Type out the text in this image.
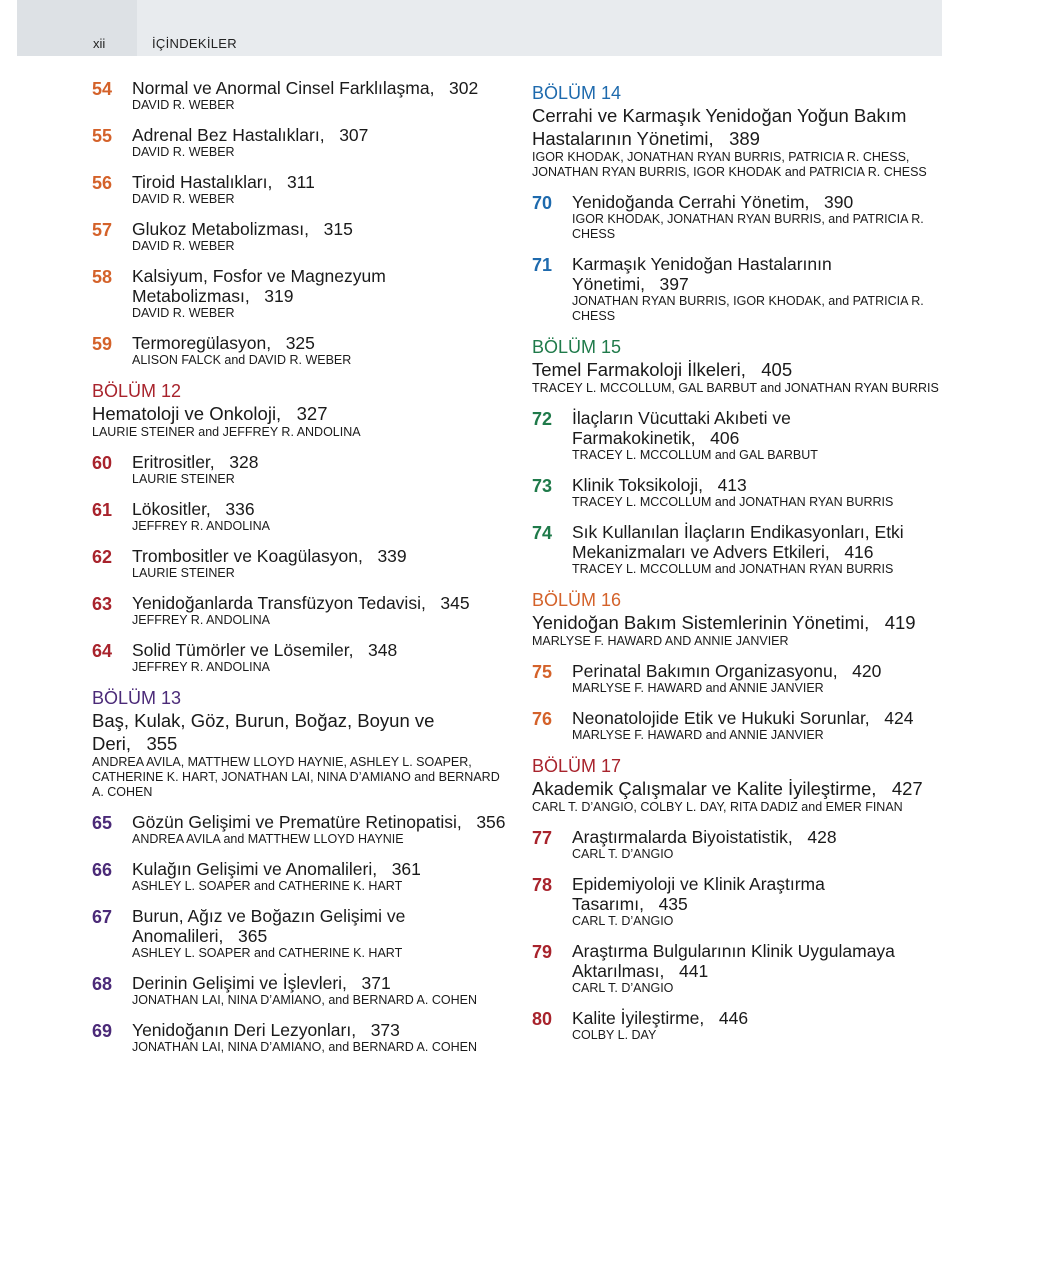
xii	İÇİNDEKİLER
54 Normal ve Anormal Cinsel Farklılaşma, 302
DAVID R. WEBER
55 Adrenal Bez Hastalıkları, 307
DAVID R. WEBER
56 Tiroid Hastalıkları, 311
DAVID R. WEBER
57 Glukoz Metabolizması, 315
DAVID R. WEBER
58 Kalsiyum, Fosfor ve Magnezyum Metabolizması, 319
DAVID R. WEBER
59 Termoregülasyon, 325
ALISON FALCK and DAVID R. WEBER
BÖLÜM 12
Hematoloji ve Onkoloji, 327
LAURIE STEINER and JEFFREY R. ANDOLINA
60 Eritrositler, 328
LAURIE STEINER
61 Lökositler, 336
JEFFREY R. ANDOLINA
62 Trombositler ve Koagülasyon, 339
LAURIE STEINER
63 Yenidoğanlarda Transfüzyon Tedavisi, 345
JEFFREY R. ANDOLINA
64 Solid Tümörler ve Lösemiler, 348
JEFFREY R. ANDOLINA
BÖLÜM 13
Baş, Kulak, Göz, Burun, Boğaz, Boyun ve Deri, 355
ANDREA AVILA, MATTHEW LLOYD HAYNIE, ASHLEY L. SOAPER, CATHERINE K. HART, JONATHAN LAI, NINA D’AMIANO and BERNARD A. COHEN
65 Gözün Gelişimi ve Prematüre Retinopatisi, 356
ANDREA AVILA and MATTHEW LLOYD HAYNIE
66 Kulağın Gelişimi ve Anomalileri, 361
ASHLEY L. SOAPER and CATHERINE K. HART
67 Burun, Ağız ve Boğazın Gelişimi ve Anomalileri, 365
ASHLEY L. SOAPER and CATHERINE K. HART
68 Derinin Gelişimi ve İşlevleri, 371
JONATHAN LAI, NINA D’AMIANO, and BERNARD A. COHEN
69 Yenidoğanın Deri Lezyonları, 373
JONATHAN LAI, NINA D’AMIANO, and BERNARD A. COHEN
BÖLÜM 14
Cerrahi ve Karmaşık Yenidoğan Yoğun Bakım Hastalarının Yönetimi, 389
IGOR KHODAK, JONATHAN RYAN BURRIS, PATRICIA R. CHESS, JONATHAN RYAN BURRIS, IGOR KHODAK and PATRICIA R. CHESS
70 Yenidoğanda Cerrahi Yönetim, 390
IGOR KHODAK, JONATHAN RYAN BURRIS, and PATRICIA R. CHESS
71 Karmaşık Yenidoğan Hastalarının Yönetimi, 397
JONATHAN RYAN BURRIS, IGOR KHODAK, and PATRICIA R. CHESS
BÖLÜM 15
Temel Farmakoloji İlkeleri, 405
TRACEY L. MCCOLLUM, GAL BARBUT and JONATHAN RYAN BURRIS
72 İlaçların Vücuttaki Akıbeti ve Farmakokinetik, 406
TRACEY L. MCCOLLUM and GAL BARBUT
73 Klinik Toksikoloji, 413
TRACEY L. MCCOLLUM and JONATHAN RYAN BURRIS
74 Sık Kullanılan İlaçların Endikasyonları, Etki Mekanizmaları ve Advers Etkileri, 416
TRACEY L. MCCOLLUM and JONATHAN RYAN BURRIS
BÖLÜM 16
Yenidoğan Bakım Sistemlerinin Yönetimi, 419
MARLYSE F. HAWARD AND ANNIE JANVIER
75 Perinatal Bakımın Organizasyonu, 420
MARLYSE F. HAWARD and ANNIE JANVIER
76 Neonatolojide Etik ve Hukuki Sorunlar, 424
MARLYSE F. HAWARD and ANNIE JANVIER
BÖLÜM 17
Akademik Çalışmalar ve Kalite İyileştirme, 427
CARL T. D’ANGIO, COLBY L. DAY, RITA DADIZ and EMER FINAN
77 Araştırmalarda Biyoistatistik, 428
CARL T. D’ANGIO
78 Epidemiyoloji ve Klinik Araştırma Tasarımı, 435
CARL T. D’ANGIO
79 Araştırma Bulgularının Klinik Uygulamaya Aktarılması, 441
CARL T. D’ANGIO
80 Kalite İyileştirme, 446
COLBY L. DAY
